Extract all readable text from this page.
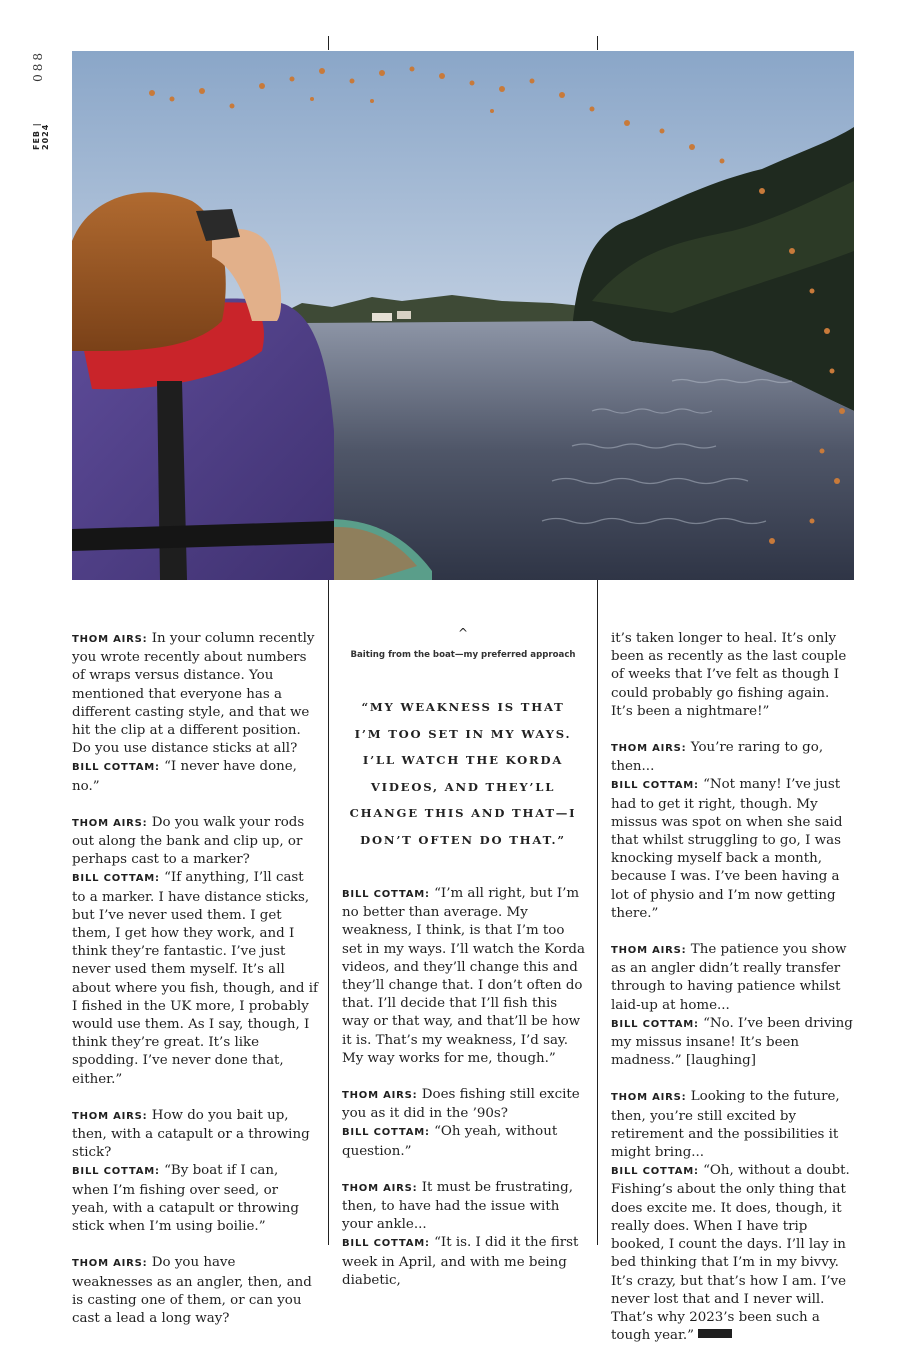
088
FEB | 2024

THOM AIRS: In your column recently you wrote recently about numbers of wraps versus distance. You mentioned that everyone has a different casting style, and that we hit the clip at a different position. Do you use distance sticks at all?
BILL COTTAM: “I never have done, no.”

THOM AIRS: Do you walk your rods out along the bank and clip up, or perhaps cast to a marker?
BILL COTTAM: “If anything, I’ll cast to a marker. I have distance sticks, but I’ve never used them. I get them, I get how they work, and I think they’re fantastic. I’ve just never used them myself. It’s all about where you fish, though, and if I fished in the UK more, I probably would use them. As I say, though, I think they’re great. It’s like spodding. I’ve never done that, either.”

THOM AIRS: How do you bait up, then, with a catapult or a throwing stick?
BILL COTTAM: “By boat if I can, when I’m fishing over seed, or yeah, with a catapult or throwing stick when I’m using boilie.”

THOM AIRS: Do you have weaknesses as an angler, then, and is casting one of them, or can you cast a lead a long way?

^
Baiting from the boat—my preferred approach
“MY WEAKNESS IS THAT I’M TOO SET IN MY WAYS. I’LL WATCH THE KORDA VIDEOS, AND THEY’LL CHANGE THIS AND THAT—I DON’T OFTEN DO THAT.”

BILL COTTAM: “I’m all right, but I’m no better than average. My weakness, I think, is that I’m too set in my ways. I’ll watch the Korda videos, and they’ll change this and they’ll change that. I don’t often do that. I’ll decide that I’ll fish this way or that way, and that’ll be how it is. That’s my weakness, I’d say. My way works for me, though.”

THOM AIRS: Does fishing still excite you as it did in the ’90s?
BILL COTTAM: “Oh yeah, without question.”

THOM AIRS: It must be frustrating, then, to have had the issue with your ankle...
BILL COTTAM: “It is. I did it the first week in April, and with me being diabetic,

it’s taken longer to heal. It’s only been as recently as the last couple of weeks that I’ve felt as though I could probably go fishing again. It’s been a nightmare!”

THOM AIRS: You’re raring to go, then...
BILL COTTAM: “Not many! I’ve just had to get it right, though. My missus was spot on when she said that whilst struggling to go, I was knocking myself back a month, because I was. I’ve been having a lot of physio and I’m now getting there.”

THOM AIRS: The patience you show as an angler didn’t really transfer through to having patience whilst laid-up at home...
BILL COTTAM: “No. I’ve been driving my missus insane! It’s been madness.” [laughing]

THOM AIRS: Looking to the future, then, you’re still excited by retirement and the possibilities it might bring...
BILL COTTAM: “Oh, without a doubt. Fishing’s about the only thing that does excite me. It does, though, it really does. When I have trip booked, I count the days. I’ll lay in bed thinking that I’m in my bivvy. It’s crazy, but that’s how I am. I’ve never lost that and I never will. That’s why 2023’s been such a tough year.”
